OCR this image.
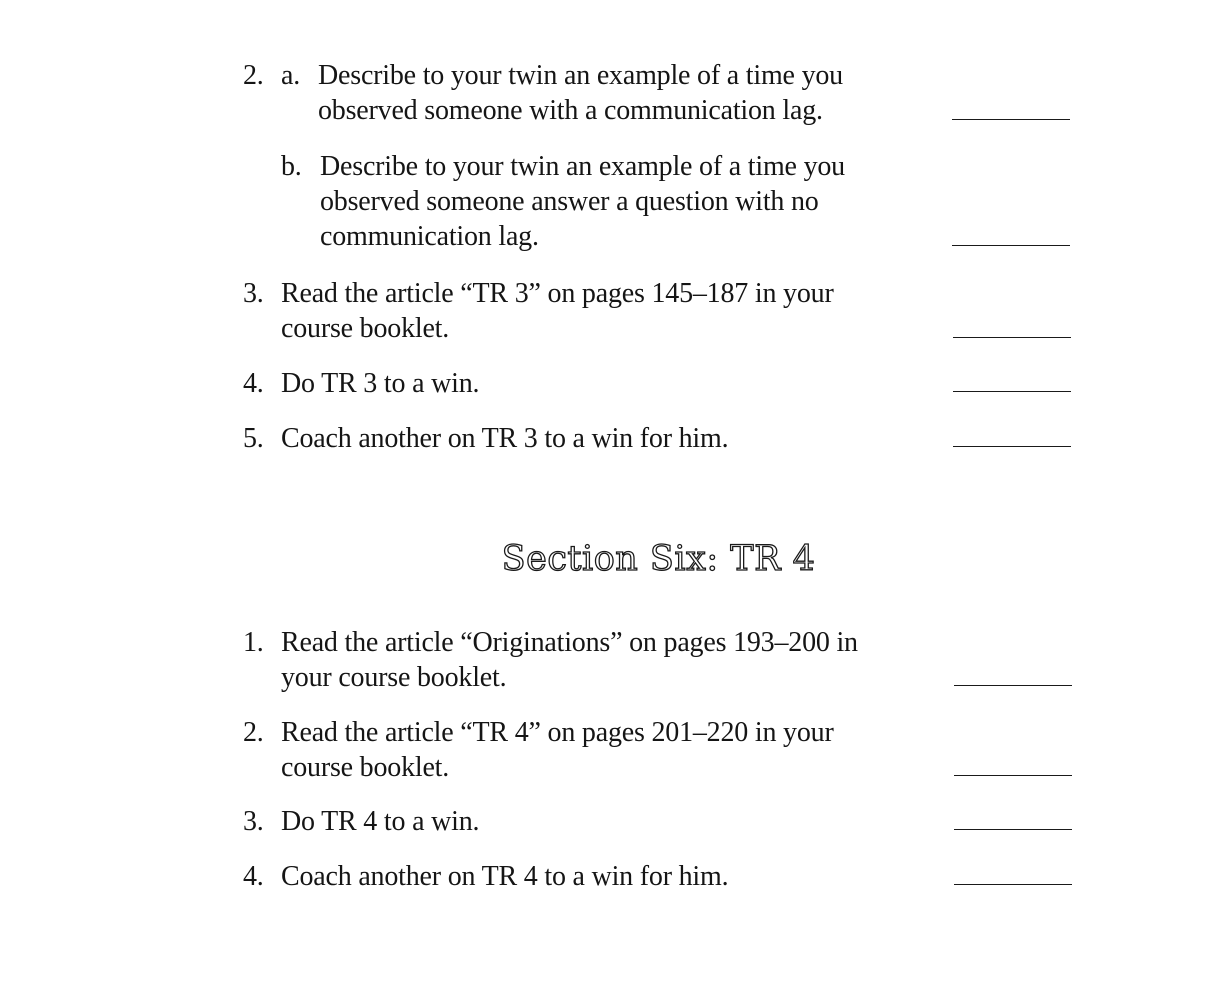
2. a. Describe to your twin an example of a time you
observed someone with a communication lag.
b. Describe to your twin an example of a time you
observed someone answer a question with no
communication lag.
3. Read the article “TR 3” on pages 145–187 in your
course booklet.
4. Do TR 3 to a win.
5. Coach another on TR 3 to a win for him.
Section Six: TR 4
1. Read the article “Originations” on pages 193–200 in
your course booklet.
2. Read the article “TR 4” on pages 201–220 in your
course booklet.
3. Do TR 4 to a win.
4. Coach another on TR 4 to a win for him.
